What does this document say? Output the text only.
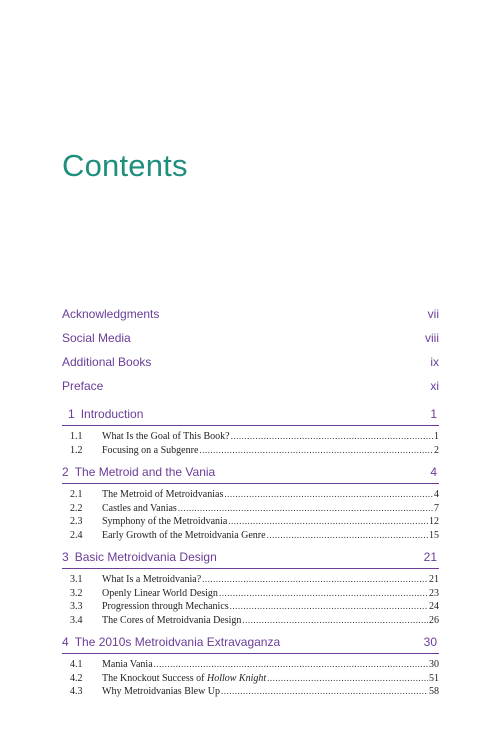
Contents
Acknowledgments	vii
Social Media	viii
Additional Books	ix
Preface	xi
1 Introduction	1
1.1	What Is the Goal of This Book? .....	1
1.2	Focusing on a Subgenre .....	2
2 The Metroid and the Vania	4
2.1	The Metroid of Metroidvanias .....	4
2.2	Castles and Vanias .....	7
2.3	Symphony of the Metroidvania .....	12
2.4	Early Growth of the Metroidvania Genre .....	15
3 Basic Metroidvania Design	21
3.1	What Is a Metroidvania? .....	21
3.2	Openly Linear World Design .....	23
3.3	Progression through Mechanics .....	24
3.4	The Cores of Metroidvania Design .....	26
4 The 2010s Metroidvania Extravaganza	30
4.1	Mania Vania .....	30
4.2	The Knockout Success of Hollow Knight .....	51
4.3	Why Metroidvanias Blew Up .....	58
